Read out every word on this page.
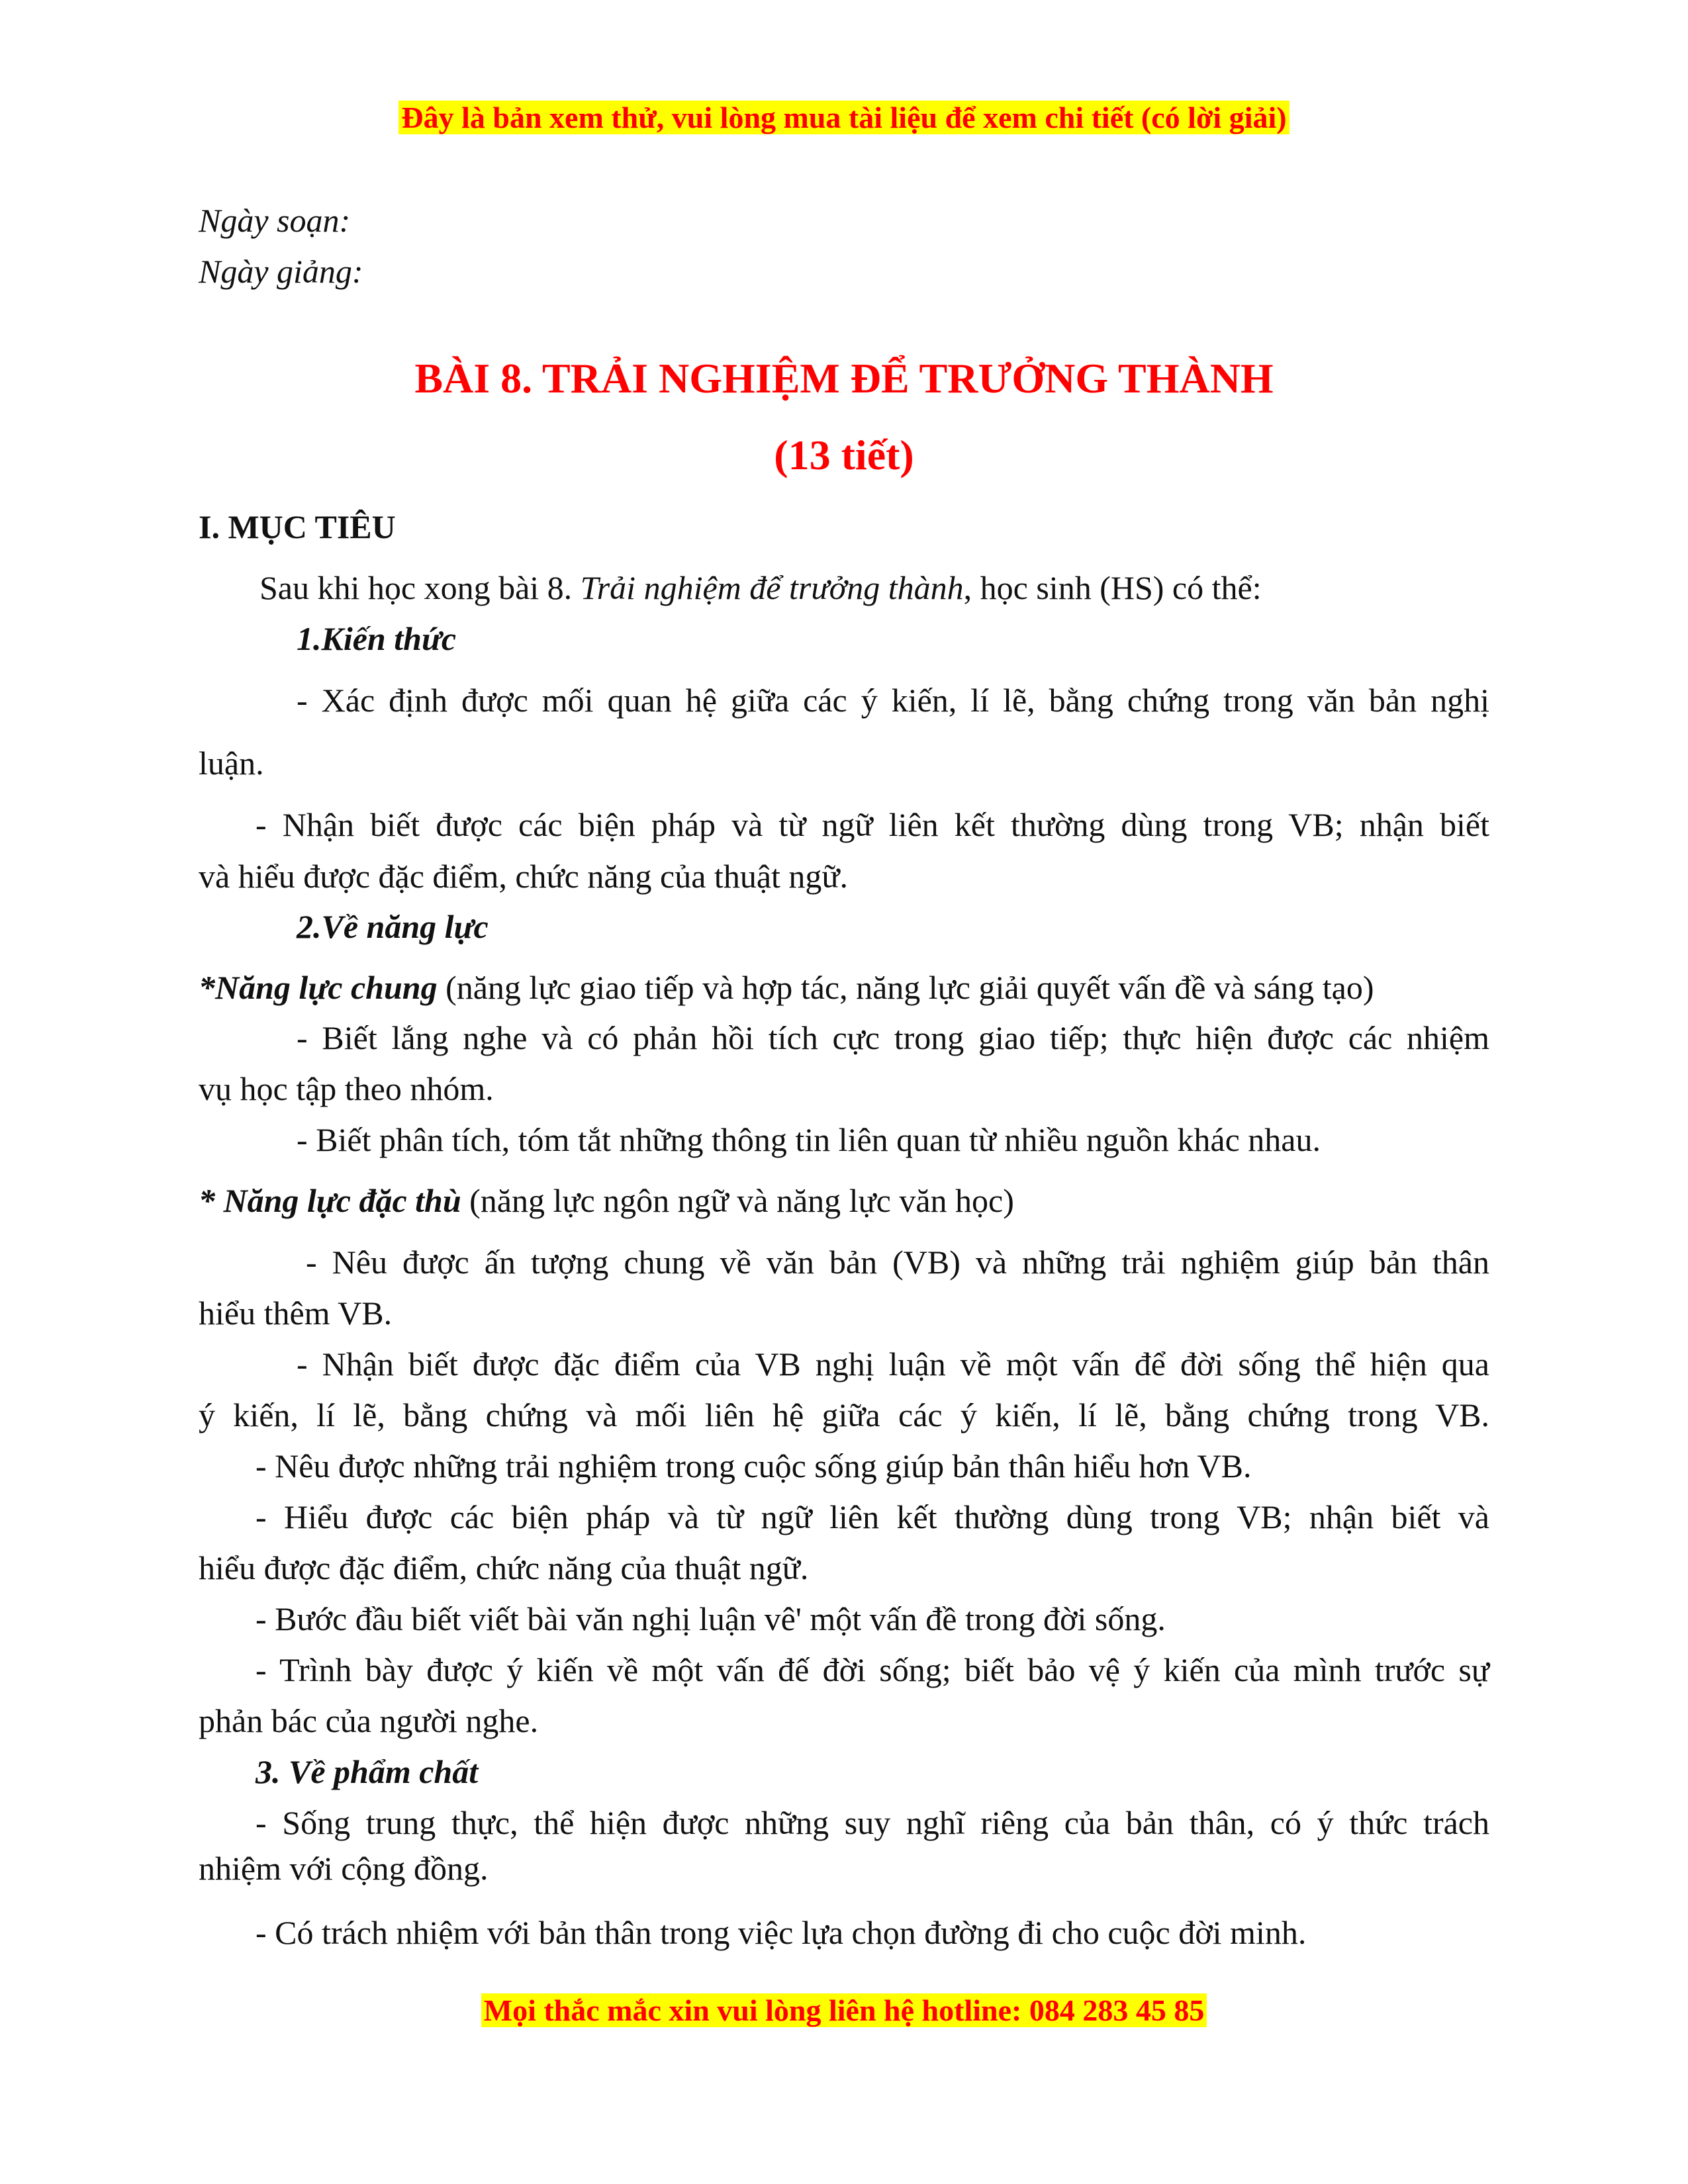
Đây là bản xem thử, vui lòng mua tài liệu để xem chi tiết (có lời giải)
Ngày soạn:
Ngày giảng:
BÀI 8. TRẢI NGHIỆM ĐỂ TRƯỞNG THÀNH
(13 tiết)
I. MỤC TIÊU
Sau khi học xong bài 8. Trải nghiệm để trưởng thành, học sinh (HS) có thể:
1.Kiến thức
- Xác định được mối quan hệ giữa các ý kiến, lí lẽ, bằng chứng trong văn bản nghị
luận.
- Nhận biết được các biện pháp và từ ngữ liên kết thường dùng trong VB; nhận biết
và hiểu được đặc điểm, chức năng của thuật ngữ.
2.Về năng lực
*Năng lực chung (năng lực giao tiếp và hợp tác, năng lực giải quyết vấn đề và sáng tạo)
- Biết lắng nghe và có phản hồi tích cực trong giao tiếp; thực hiện được các nhiệm
vụ học tập theo nhóm.
- Biết phân tích, tóm tắt những thông tin liên quan từ nhiều nguồn khác nhau.
* Năng lực đặc thù (năng lực ngôn ngữ và năng lực văn học)
- Nêu được ấn tượng chung về văn bản (VB) và những trải nghiệm giúp bản thân
hiểu thêm VB.
- Nhận biết được đặc điểm của VB nghị luận về một vấn để đời sống thể hiện qua
ý kiến, lí lẽ, bằng chứng và mối liên hệ giữa các ý kiến, lí lẽ, bằng chứng trong VB.
- Nêu được những trải nghiệm trong cuộc sống giúp bản thân hiểu hơn VB.
- Hiểu được các biện pháp và từ ngữ liên kết thường dùng trong VB; nhận biết và
hiểu được đặc điểm, chức năng của thuật ngữ.
- Bước đầu biết viết bài văn nghị luận vê' một vấn đề trong đời sống.
- Trình bày được ý kiến về một vấn đế đời sống; biết bảo vệ ý kiến của mình trước sự
phản bác của người nghe.
3. Về phẩm chất
- Sống trung thực, thể hiện được những suy nghĩ riêng của bản thân, có ý thức trách
nhiệm với cộng đồng.
- Có trách nhiệm với bản thân trong việc lựa chọn đường đi cho cuộc đời minh.
Mọi thắc mắc xin vui lòng liên hệ hotline: 084 283 45 85
